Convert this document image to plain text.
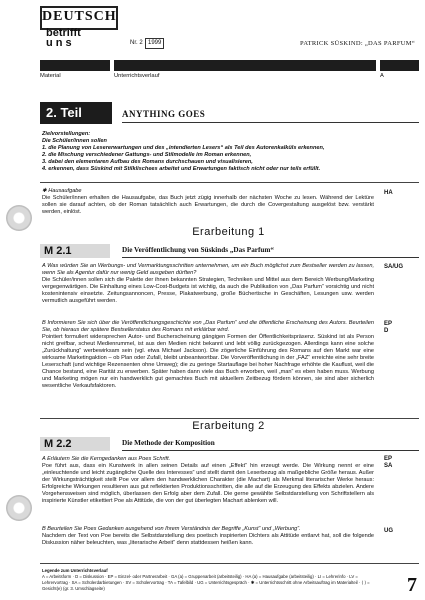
DEUTSCH
betrifft
uns	Nr. 2 1999	PATRICK SÜSKIND: „DAS PARFUM“
Material	Unterrichtsverlauf	A
2. Teil	ANYTHING GOES
Zielvorstellungen:
Die Schüler/innen sollen
1. die Planung von Lesererwartungen und des „intendierten Lesers“ als Teil des Autorenkalküls erkennen,
2. die Mischung verschiedener Gattungs- und Stilmodelle im Roman erkennen,
3. dabei den elementaren Aufbau des Romans durchschauen und visualisieren,
4. erkennen, dass Süskind mit Stilklischees arbeitet und Erwartungen faktisch nicht oder nur teils erfüllt.
✱ Hausaufgabe
Die Schüler/innen erhalten die Hausaufgabe, das Buch jetzt zügig innerhalb der nächsten Woche zu lesen. Während der Lektüre sollen sie darauf achten, ob der Roman tatsächlich auch Erwartungen, die durch die Covergestaltung ausgelöst bzw. verstärkt werden, einlöst.
HA
Erarbeitung 1
M 2.1	Die Veröffentlichung von Süskinds „Das Parfum“
A Was würden Sie an Werbungs- und Vermarktungsschritten unternehmen, um ein Buch möglichst zum Bestseller werden zu lassen, wenn Sie als Agentur dafür nur wenig Geld ausgeben dürften?
Die Schüler/innen sollen sich die Palette der ihnen bekannten Strategien, Techniken und Mittel aus dem Bereich Werbung/Marketing vergegenwärtigen. Die Einhaltung eines Low-Cost-Budgets ist wichtig, da auch die Publikation von „Das Parfum“ vorsichtig und nicht kostenintensiv einsetzte. Zeitungsannoncen, Presse, Plakatwerbung, große Büchertische in Geschäften, Lesungen usw. werden vermutlich ausgeführt werden.
SA/UG
B Informieren Sie sich über die Veröffentlichungsgeschichte von „Das Parfum“ und die öffentliche Erscheinung des Autors. Beurteilen Sie, ob hieraus der spätere Bestsellerstatus des Romans mit erklärbar wird.
Pointiert formuliert widersprechen Autor- und Bucherscheinung gängigen Formen der Öffentlichkeitspräsenz. Süskind ist als Person nicht greifbar, scheut Medienrummel, ist aus den Medien nicht bekannt und lebt völlig zurückgezogen. Allerdings kann eine solche „Zurückhaltung“ werbewirksam sein (vgl. etwa Michael Jackson). Die zögerliche Einführung des Romans auf den Markt war eine wirksame Marketingaktion – ob Plan oder Zufall, bleibt unbeantwortbar. Die Vorveröffentlichung in der „FAZ“ erreichte eine sehr breite Leserschaft (und wichtige Rezensenten ohne Umweg); die zu geringe Startauflage bei hoher Nachfrage erhöhte die Kauflust, weil die Chance bestand, eine Rarität zu erwerben. Später haben dann viele das Buch erworben, weil „man“ es eben haben muss. Werbung und Marketing mögen nur ein handwerklich gut gemachtes Buch mit aktuellem Zeitbezug fördern können, sie sind aber sicherlich wesentliche Verkaufsfaktoren.
EP
D
Erarbeitung 2
M 2.2	Die Methode der Komposition
A Erläutern Sie die Kerngedanken aus Poes Schrift.
Poe führt aus, dass ein Kunstwerk in allen seinen Details auf einen „Effekt“ hin erzeugt werde. Die Wirkung nennt er eine „einleuchtende und leicht zugängliche Quelle des Interesses“ und stellt damit den Leserbezug als maßgebliche Größe heraus. Außer der Wirkungsträchtigkeit stellt Poe vor allem den handwerklichen Charakter (die Machart) als Merkmal literarischer Werke heraus: Erfolgreiche Wirkungen resultieren aus gut reflektierten Produktionsschritten, die alle auf die Erzeugung des Effekts abzielen. Andere Vorgehensweisen sind möglich, überlassen den Erfolg aber dem Zufall. Die gerne gewählte Selbstdarstellung von Schriftstellern als inspirierte Künstler etikettiert Poe als Attitüde, die von der gut überlegten Machart ablenken will.
EP
SA
B Beurteilen Sie Poes Gedanken ausgehend von Ihrem Verständnis der Begriffe „Kunst“ und „Werbung“.
Nachdem der Text von Poe bereits die Selbstdarstellung des poetisch inspirierten Dichters als Attitüde entlarvt hat, soll die folgende Diskussion näher beleuchten, was „literarische Arbeit“ denn stattdessen heißen kann.
UG
Legende zum Unterrichtsverlauf
A = Arbeitsform · D = Diskussion · EP = Einzel- oder Partnerarbeit · GA (a) = Gruppenarbeit (arbeitsteilig) · HA (a) = Hausaufgabe (arbeitsteilig) · LI = Lehrerinfo · LV = Lehrervortrag · SA = Schülerdarbietungen · SV = Schülervortrag · TA = Tafelbild · UG = Unterrichtsgespräch · ✱ = Unterrichtsschritt ohne Arbeitsauftrag im Materialteil · ⟨ ⟩ = Gesicht(e) (gr. 3. Umschlagseite)	7
